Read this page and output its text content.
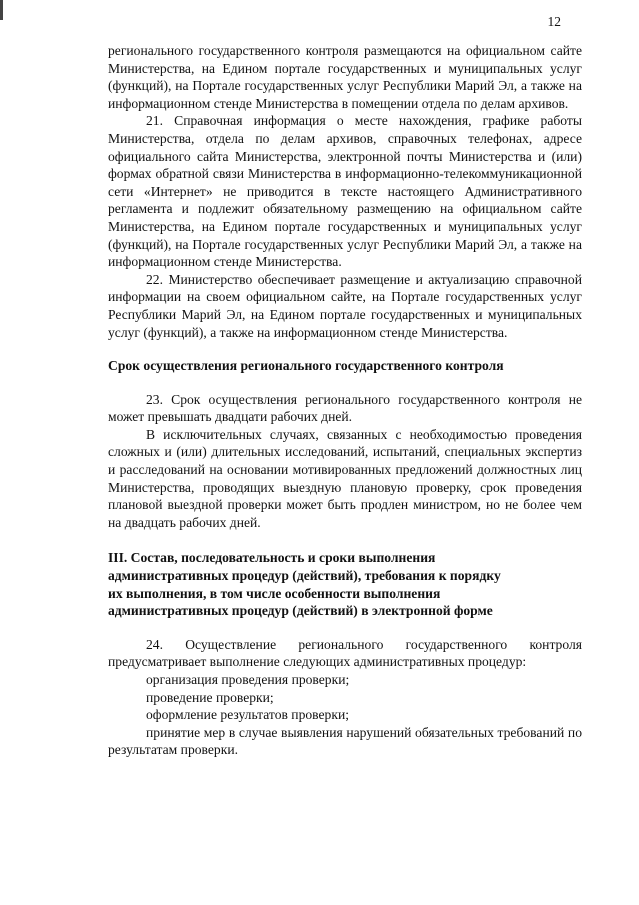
12

регионального государственного контроля размещаются на официальном сайте Министерства, на Едином портале государственных и муниципальных услуг (функций), на Портале государственных услуг Республики Марий Эл, а также на информационном стенде Министерства в помещении отдела по делам архивов.

21. Справочная информация о месте нахождения, графике работы Министерства, отдела по делам архивов, справочных телефонах, адресе официального сайта Министерства, электронной почты Министерства и (или) формах обратной связи Министерства в информационно-телекоммуникационной сети «Интернет» не приводится в тексте настоящего Административного регламента и подлежит обязательному размещению на официальном сайте Министерства, на Едином портале государственных и муниципальных услуг (функций), на Портале государственных услуг Республики Марий Эл, а также на информационном стенде Министерства.

22. Министерство обеспечивает размещение и актуализацию справочной информации на своем официальном сайте, на Портале государственных услуг Республики Марий Эл, на Едином портале государственных и муниципальных услуг (функций), а также на информационном стенде Министерства.

Срок осуществления регионального государственного контроля

23. Срок осуществления регионального государственного контроля не может превышать двадцати рабочих дней.

В исключительных случаях, связанных с необходимостью проведения сложных и (или) длительных исследований, испытаний, специальных экспертиз и расследований на основании мотивированных предложений должностных лиц Министерства, проводящих выездную плановую проверку, срок проведения плановой выездной проверки может быть продлен министром, но не более чем на двадцать рабочих дней.

III. Состав, последовательность и сроки выполнения

административных процедур (действий), требования к порядку

их выполнения, в том числе особенности выполнения

административных процедур (действий) в электронной форме

24. Осуществление регионального государственного контроля предусматривает выполнение следующих административных процедур:

организация проведения проверки;

проведение проверки;

оформление результатов проверки;

принятие мер в случае выявления нарушений обязательных требований по результатам проверки.
